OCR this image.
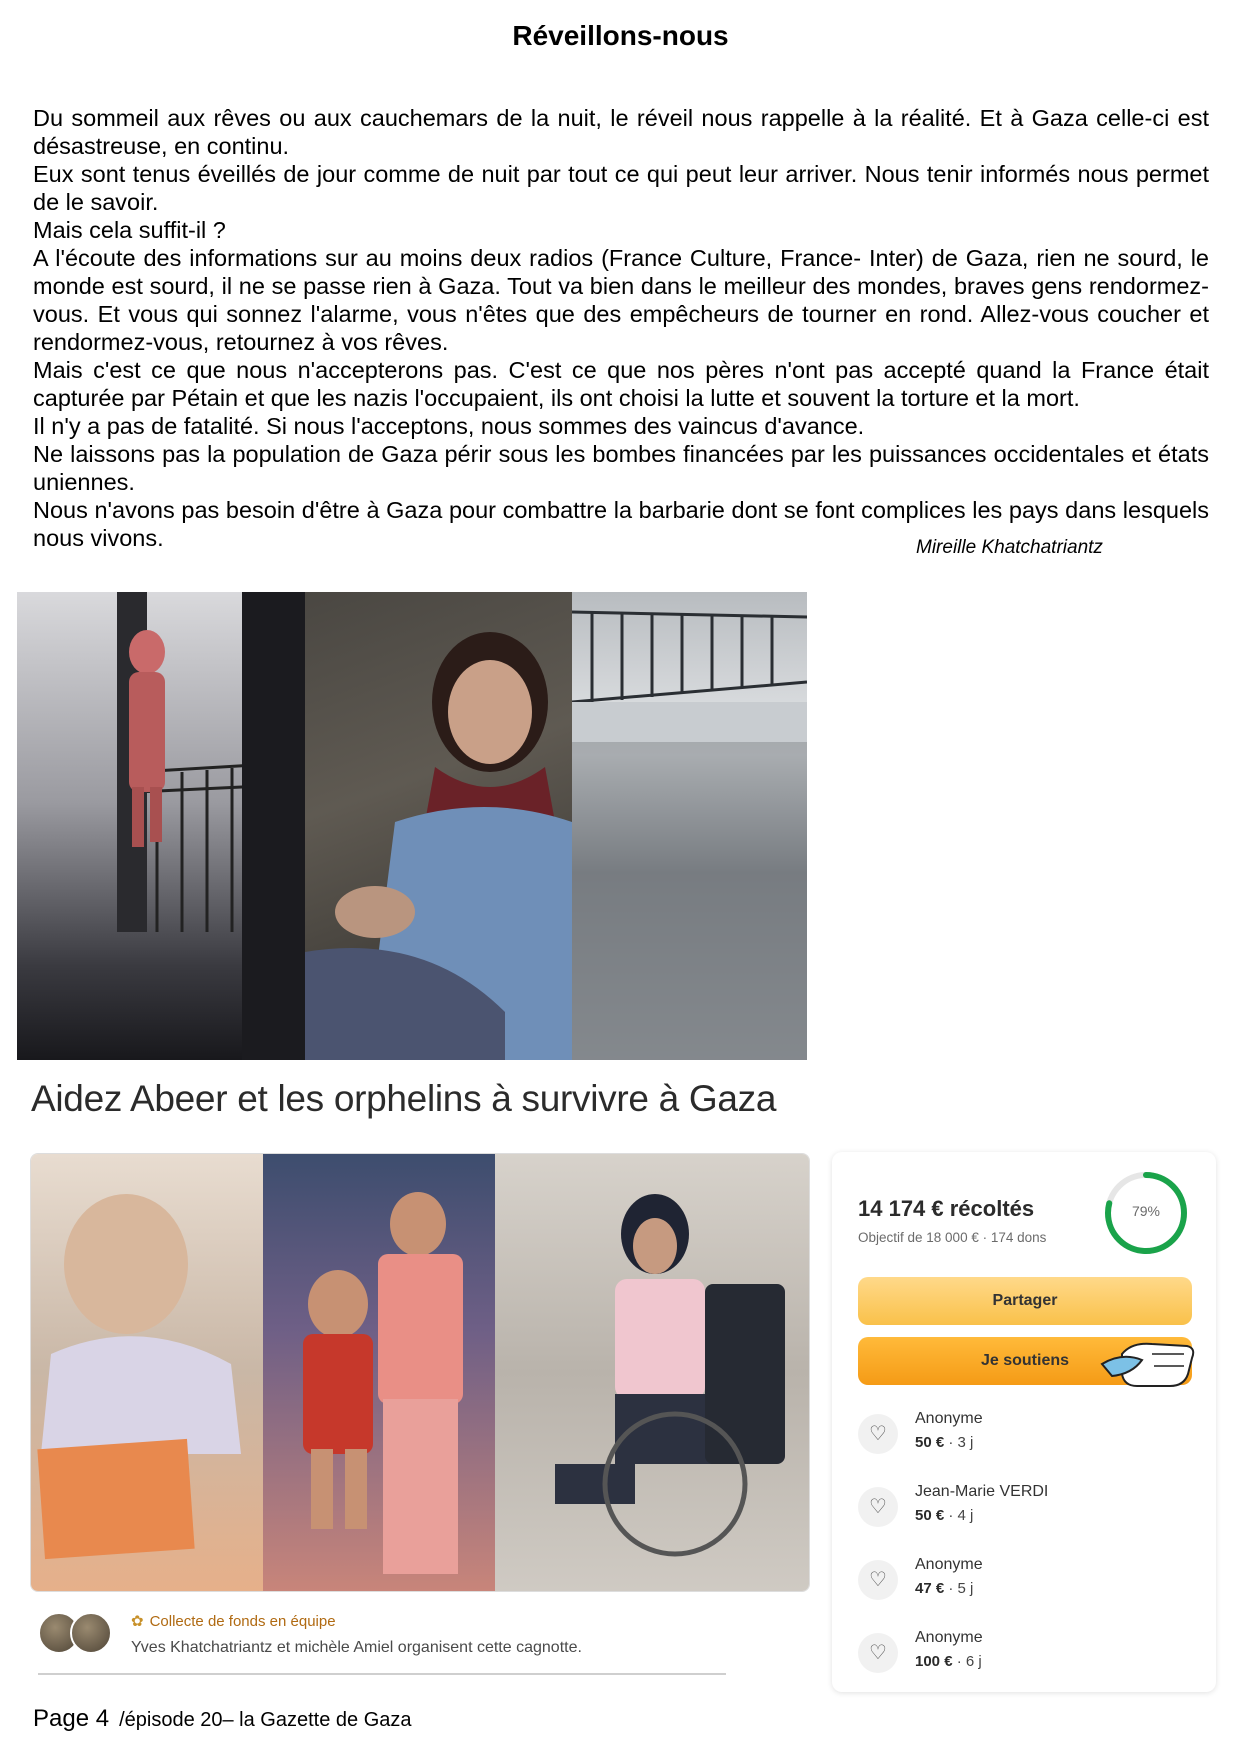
Réveillons-nous

Du sommeil aux rêves ou aux cauchemars de la nuit, le réveil nous rappelle à la réalité. Et à Gaza celle-ci est désastreuse, en continu.

Eux sont tenus éveillés de jour comme de nuit par tout ce qui peut leur arriver. Nous tenir informés nous permet de le savoir.

Mais cela suffit-il ?

A l'écoute des informations sur au moins deux radios (France Culture, France- Inter) de Gaza, rien ne sourd, le monde est sourd, il ne se passe rien à Gaza. Tout va bien dans le meilleur des mondes, braves gens rendormez-vous. Et vous qui sonnez l'alarme, vous n'êtes que des empêcheurs de tourner en rond. Allez-vous coucher et rendormez-vous, retournez à vos rêves.

Mais c'est ce que nous n'accepterons pas. C'est ce que nos pères n'ont pas accepté quand la France était capturée par Pétain et que les nazis l'occupaient, ils ont choisi la lutte et souvent la torture et la mort.

Il n'y a pas de fatalité. Si nous l'acceptons, nous sommes des vaincus d'avance.

Ne laissons pas la population de Gaza périr sous les bombes financées par les puissances occidentales et états uniennes.

Nous n'avons pas besoin d'être à Gaza pour combattre la barbarie dont se font complices les pays dans lesquels nous vivons.	Mireille Khatchatriantz
Aidez Abeer et les orphelins à survivre à Gaza
✿ Collecte de fonds en équipe
Yves Khatchatriantz et michèle Amiel organisent cette cagnotte.
14 174 € récoltés
Objectif de 18 000 € · 174 dons
79%
Partager
Je soutiens
♡
Anonyme
50 € · 3 j
♡
Jean-Marie VERDI
50 € · 4 j
♡
Anonyme
47 € · 5 j
♡
Anonyme
100 € · 6 j
Page 4 /épisode 20– la Gazette de Gaza
